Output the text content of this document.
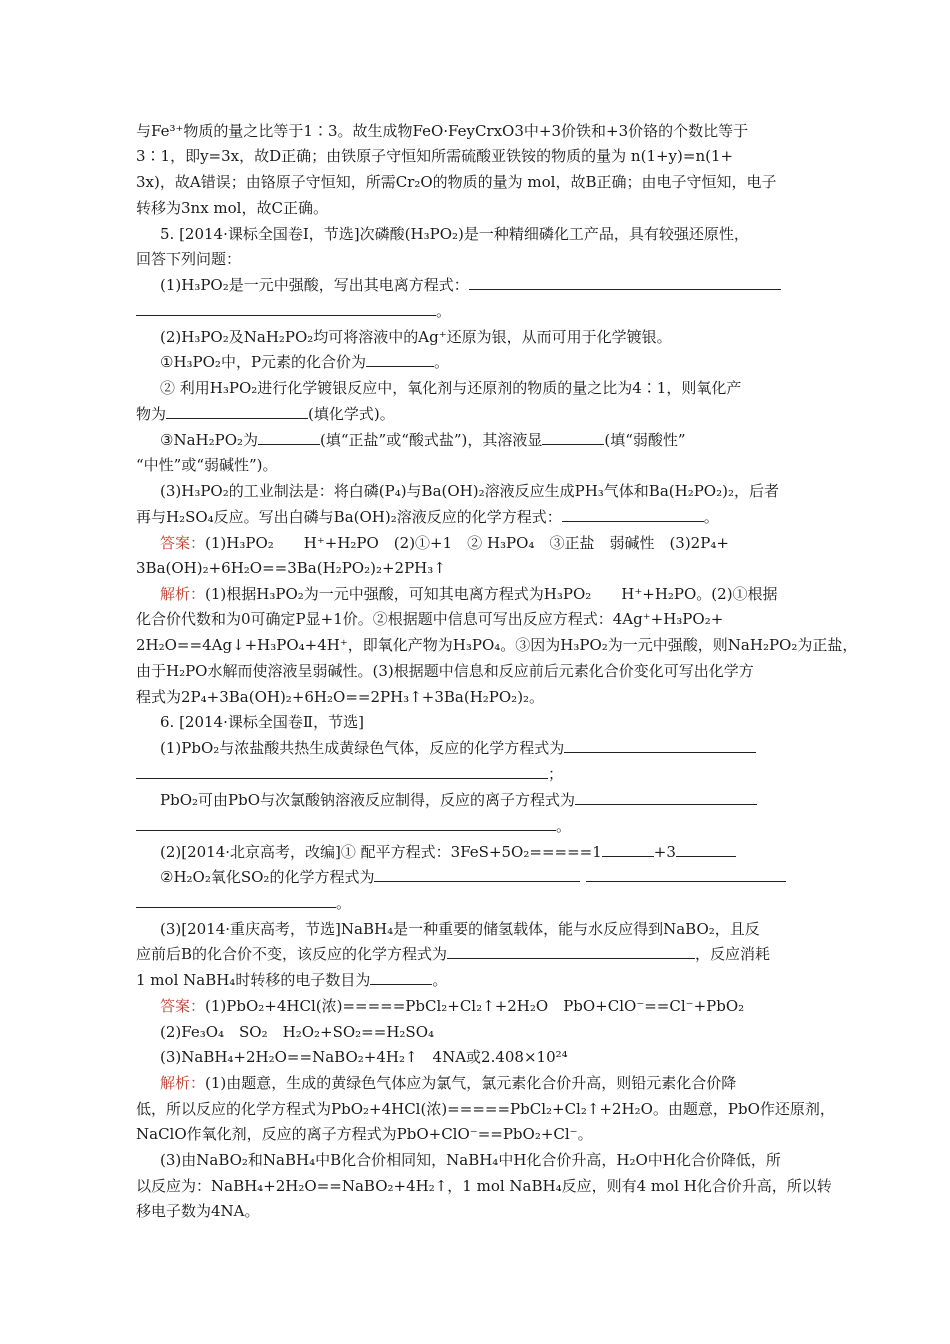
与Fe³⁺物质的量之比等于1∶3。故生成物FeO·FeyCrxO3中+3价铁和+3价铬的个数比等于
3∶1，即y=3x，故D正确；由铁原子守恒知所需硫酸亚铁铵的物质的量为 n(1+y)=n(1+
3x)，故A错误；由铬原子守恒知，所需Cr₂O的物质的量为 mol，故B正确；由电子守恒知，电子
转移为3nx mol，故C正确。
5. [2014·课标全国卷Ⅰ，节选]次磷酸(H₃PO₂)是一种精细磷化工产品，具有较强还原性，
回答下列问题：
(1)H₃PO₂是一元中强酸，写出其电离方程式：
。
(2)H₃PO₂及NaH₂PO₂均可将溶液中的Ag⁺还原为银，从而可用于化学镀银。
①H₃PO₂中，P元素的化合价为	。
② 利用H₃PO₂进行化学镀银反应中，氧化剂与还原剂的物质的量之比为4∶1，则氧化产
物为	(填化学式)。
③NaH₂PO₂为	(填“正盐”或“酸式盐”)，其溶液显	(填“弱酸性”
“中性”或“弱碱性”)。
(3)H₃PO₂的工业制法是：将白磷(P₄)与Ba(OH)₂溶液反应生成PH₃气体和Ba(H₂PO₂)₂，后者
再与H₂SO₄反应。写出白磷与Ba(OH)₂溶液反应的化学方程式：	。
答案：(1)H₃PO₂　　H⁺+H₂PO　(2)①+1　② H₃PO₄　③正盐　弱碱性　(3)2P₄+
3Ba(OH)₂+6H₂O==3Ba(H₂PO₂)₂+2PH₃↑
解析：(1)根据H₃PO₂为一元中强酸，可知其电离方程式为H₃PO₂　　H⁺+H₂PO。(2)①根据
化合价代数和为0可确定P显+1价。②根据题中信息可写出反应方程式：4Ag⁺+H₃PO₂+
2H₂O==4Ag↓+H₃PO₄+4H⁺，即氧化产物为H₃PO₄。③因为H₃PO₂为一元中强酸，则NaH₂PO₂为正盐，
由于H₂PO水解而使溶液呈弱碱性。(3)根据题中信息和反应前后元素化合价变化可写出化学方
程式为2P₄+3Ba(OH)₂+6H₂O==2PH₃↑+3Ba(H₂PO₂)₂。
6. [2014·课标全国卷Ⅱ，节选]
(1)PbO₂与浓盐酸共热生成黄绿色气体，反应的化学方程式为
；
PbO₂可由PbO与次氯酸钠溶液反应制得，反应的离子方程式为
。
(2)[2014·北京高考，改编]① 配平方程式：3FeS+5O₂=====1	+3
②H₂O₂氧化SO₂的化学方程式为
。
(3)[2014·重庆高考，节选]NaBH₄是一种重要的储氢载体，能与水反应得到NaBO₂，且反
应前后B的化合价不变，该反应的化学方程式为	，反应消耗
1 mol NaBH₄时转移的电子数目为	。
答案：(1)PbO₂+4HCl(浓)=====PbCl₂+Cl₂↑+2H₂O　PbO+ClO⁻==Cl⁻+PbO₂
(2)Fe₃O₄　SO₂　H₂O₂+SO₂==H₂SO₄
(3)NaBH₄+2H₂O==NaBO₂+4H₂↑　4NA或2.408×10²⁴
解析：(1)由题意，生成的黄绿色气体应为氯气，氯元素化合价升高，则铅元素化合价降
低，所以反应的化学方程式为PbO₂+4HCl(浓)=====PbCl₂+Cl₂↑+2H₂O。由题意，PbO作还原剂，
NaClO作氧化剂，反应的离子方程式为PbO+ClO⁻==PbO₂+Cl⁻。
(3)由NaBO₂和NaBH₄中B化合价相同知，NaBH₄中H化合价升高，H₂O中H化合价降低，所
以反应为：NaBH₄+2H₂O==NaBO₂+4H₂↑，1 mol NaBH₄反应，则有4 mol H化合价升高，所以转
移电子数为4NA。
